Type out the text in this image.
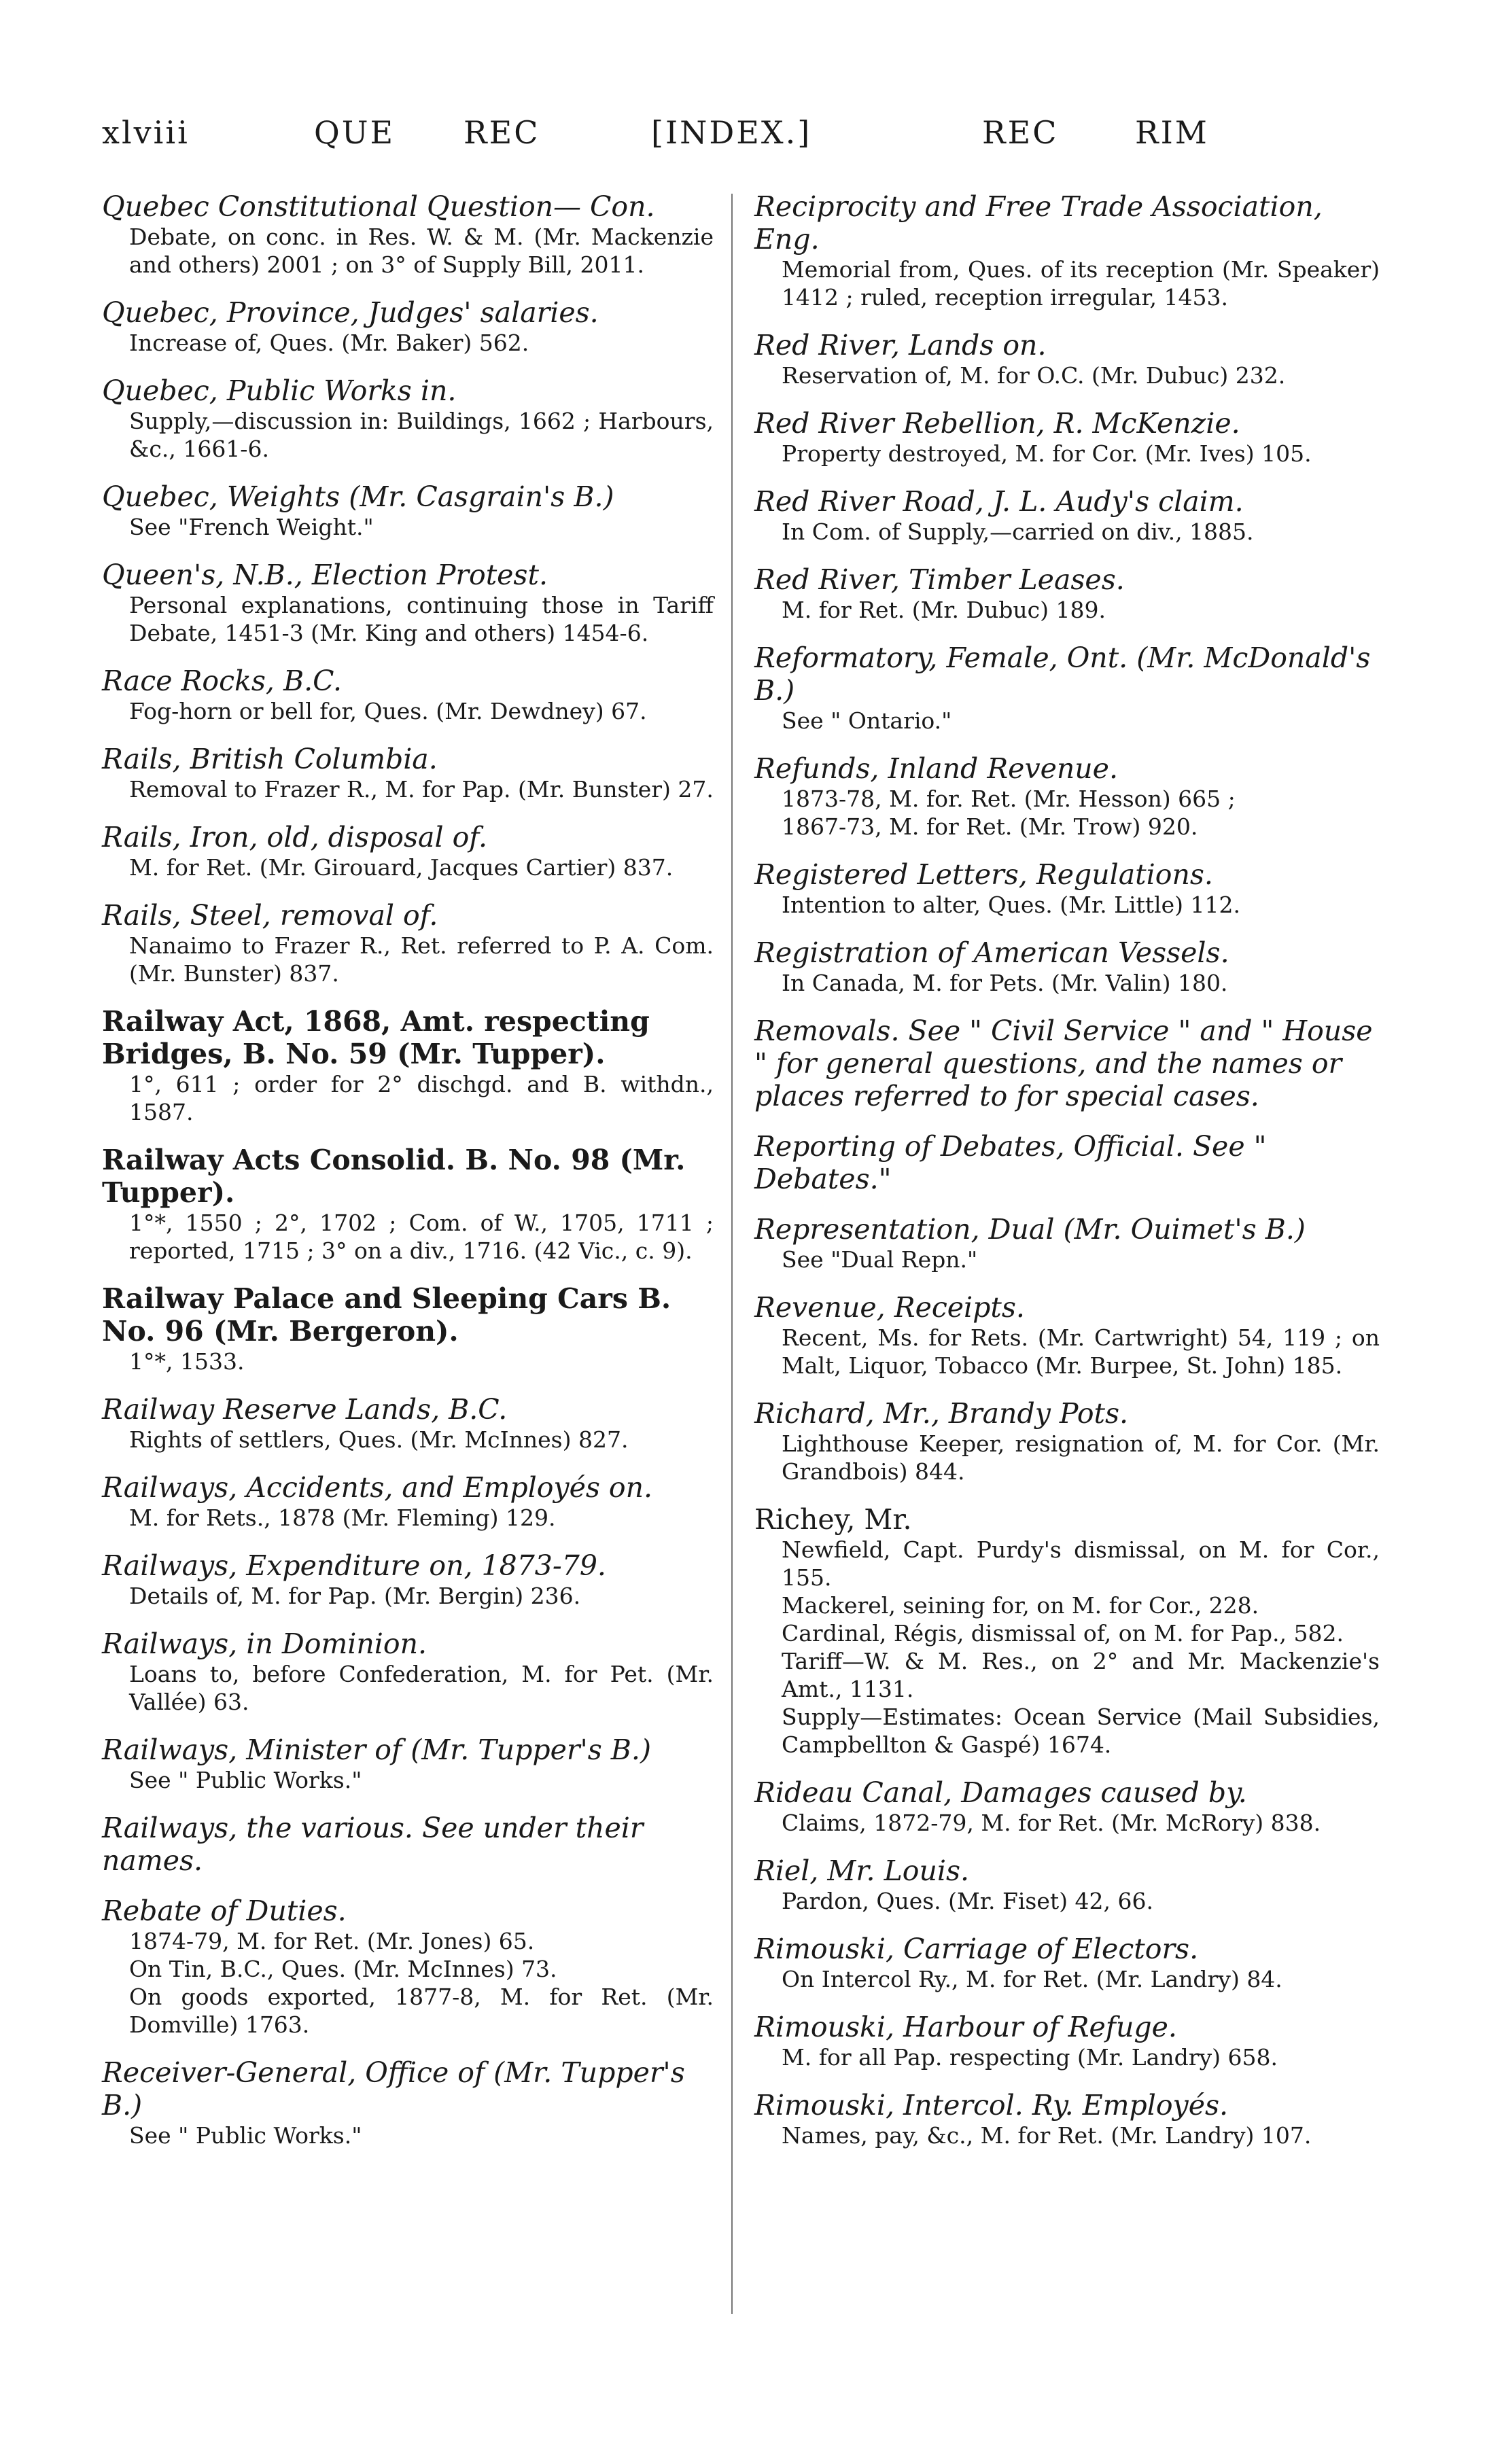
xlviii	QUE REC	[INDEX.]	REC RIM

Quebec Constitutional Question— Con.

Debate, on conc. in Res. W. & M. (Mr. Mackenzie and others) 2001 ; on 3° of Supply Bill, 2011.

Quebec, Province, Judges' salaries.

Increase of, Ques. (Mr. Baker) 562.

Quebec, Public Works in.

Supply,—discussion in: Buildings, 1662 ; Harbours, &c., 1661-6.

Quebec, Weights (Mr. Casgrain's B.)

See "French Weight."

Queen's, N.B., Election Protest.

Personal explanations, continuing those in Tariff Debate, 1451-3 (Mr. King and others) 1454-6.

Race Rocks, B.C.

Fog-horn or bell for, Ques. (Mr. Dewdney) 67.

Rails, British Columbia.

Removal to Frazer R., M. for Pap. (Mr. Bunster) 27.

Rails, Iron, old, disposal of.

M. for Ret. (Mr. Girouard, Jacques Cartier) 837.

Rails, Steel, removal of.

Nanaimo to Frazer R., Ret. referred to P. A. Com. (Mr. Bunster) 837.

Railway Act, 1868, Amt. respecting Bridges, B. No. 59 (Mr. Tupper).

1°, 611 ; order for 2° dischgd. and B. withdn., 1587.

Railway Acts Consolid. B. No. 98 (Mr. Tupper).

1°*, 1550 ; 2°, 1702 ; Com. of W., 1705, 1711 ; reported, 1715 ; 3° on a div., 1716. (42 Vic., c. 9).

Railway Palace and Sleeping Cars B. No. 96 (Mr. Bergeron).

1°*, 1533.

Railway Reserve Lands, B.C.

Rights of settlers, Ques. (Mr. McInnes) 827.

Railways, Accidents, and Employés on.

M. for Rets., 1878 (Mr. Fleming) 129.

Railways, Expenditure on, 1873-79.

Details of, M. for Pap. (Mr. Bergin) 236.

Railways, in Dominion.

Loans to, before Confederation, M. for Pet. (Mr. Vallée) 63.

Railways, Minister of (Mr. Tupper's B.)

See " Public Works."

Railways, the various. See under their names.

Rebate of Duties.

1874-79, M. for Ret. (Mr. Jones) 65.

On Tin, B.C., Ques. (Mr. McInnes) 73.

On goods exported, 1877-8, M. for Ret. (Mr. Domville) 1763.

Receiver-General, Office of (Mr. Tupper's B.)

See " Public Works."

Reciprocity and Free Trade Association, Eng.

Memorial from, Ques. of its reception (Mr. Speaker) 1412 ; ruled, reception irregular, 1453.

Red River, Lands on.

Reservation of, M. for O.C. (Mr. Dubuc) 232.

Red River Rebellion, R. McKenzie.

Property destroyed, M. for Cor. (Mr. Ives) 105.

Red River Road, J. L. Audy's claim.

In Com. of Supply,—carried on div., 1885.

Red River, Timber Leases.

M. for Ret. (Mr. Dubuc) 189.

Reformatory, Female, Ont. (Mr. McDonald's B.)

See " Ontario."

Refunds, Inland Revenue.

1873-78, M. for. Ret. (Mr. Hesson) 665 ;

1867-73, M. for Ret. (Mr. Trow) 920.

Registered Letters, Regulations.

Intention to alter, Ques. (Mr. Little) 112.

Registration of American Vessels.

In Canada, M. for Pets. (Mr. Valin) 180.

Removals. See " Civil Service " and " House " for general questions, and the names or places referred to for special cases.

Reporting of Debates, Official. See " Debates."

Representation, Dual (Mr. Ouimet's B.)

See "Dual Repn."

Revenue, Receipts.

Recent, Ms. for Rets. (Mr. Cartwright) 54, 119 ; on Malt, Liquor, Tobacco (Mr. Burpee, St. John) 185.

Richard, Mr., Brandy Pots.

Lighthouse Keeper, resignation of, M. for Cor. (Mr. Grandbois) 844.

Richey, Mr.

Newfield, Capt. Purdy's dismissal, on M. for Cor., 155.

Mackerel, seining for, on M. for Cor., 228.

Cardinal, Régis, dismissal of, on M. for Pap., 582.

Tariff—W. & M. Res., on 2° and Mr. Mackenzie's Amt., 1131.

Supply—Estimates: Ocean Service (Mail Subsidies, Campbellton & Gaspé) 1674.

Rideau Canal, Damages caused by.

Claims, 1872-79, M. for Ret. (Mr. McRory) 838.

Riel, Mr. Louis.

Pardon, Ques. (Mr. Fiset) 42, 66.

Rimouski, Carriage of Electors.

On Intercol Ry., M. for Ret. (Mr. Landry) 84.

Rimouski, Harbour of Refuge.

M. for all Pap. respecting (Mr. Landry) 658.

Rimouski, Intercol. Ry. Employés.

Names, pay, &c., M. for Ret. (Mr. Landry) 107.
